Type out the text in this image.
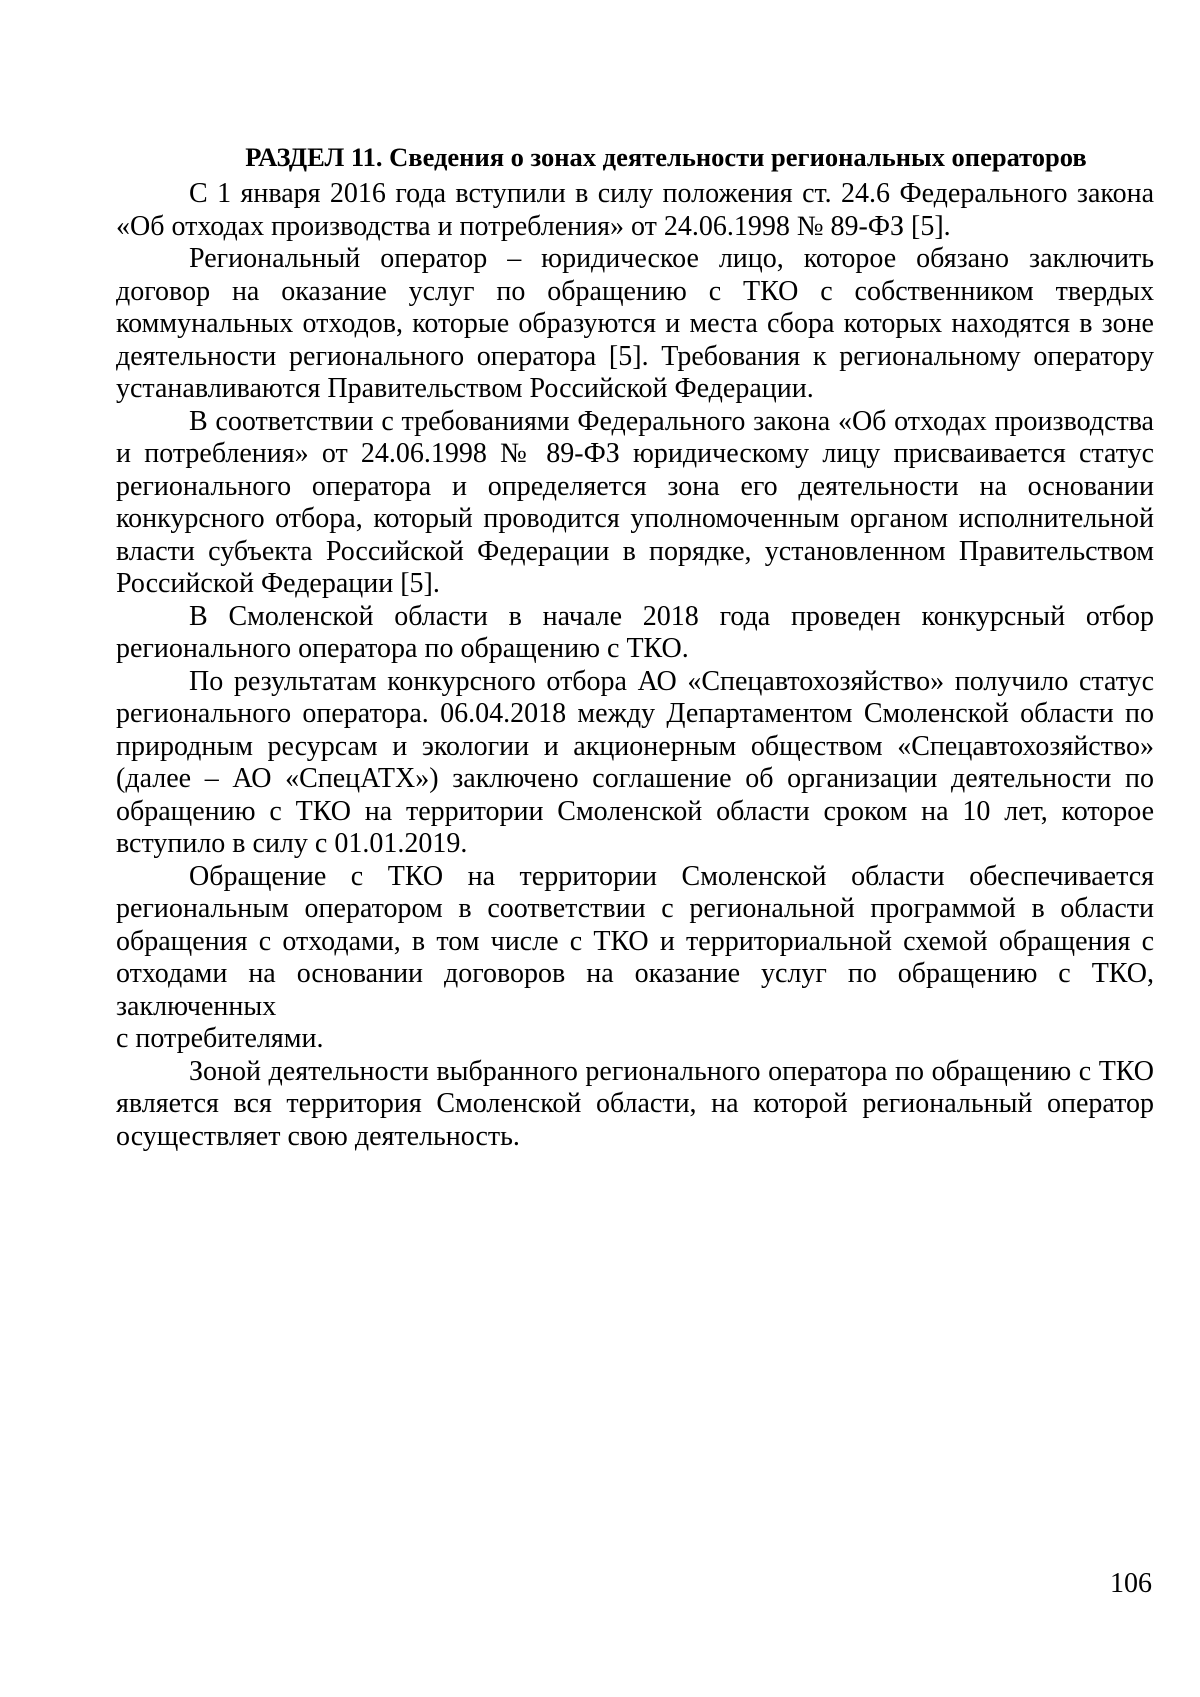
РАЗДЕЛ 11. Сведения о зонах деятельности региональных операторов

С 1 января 2016 года вступили в силу положения ст. 24.6 Федерального закона «Об отходах производства и потребления» от 24.06.1998 № 89-ФЗ [5].

Региональный оператор – юридическое лицо, которое обязано заключить договор на оказание услуг по обращению с ТКО с собственником твердых коммунальных отходов, которые образуются и места сбора которых находятся в зоне деятельности регионального оператора [5]. Требования к региональному оператору устанавливаются Правительством Российской Федерации.

В соответствии с требованиями Федерального закона «Об отходах производства и потребления» от 24.06.1998 № 89-ФЗ юридическому лицу присваивается статус регионального оператора и определяется зона его деятельности на основании конкурсного отбора, который проводится уполномоченным органом исполнительной власти субъекта Российской Федерации в порядке, установленном Правительством Российской Федерации [5].

В Смоленской области в начале 2018 года проведен конкурсный отбор регионального оператора по обращению с ТКО.

По результатам конкурсного отбора АО «Спецавтохозяйство» получило статус регионального оператора. 06.04.2018 между Департаментом Смоленской области по природным ресурсам и экологии и акционерным обществом «Спецавтохозяйство» (далее – АО «СпецАТХ») заключено соглашение об организации деятельности по обращению с ТКО на территории Смоленской области сроком на 10 лет, которое вступило в силу с 01.01.2019.

Обращение с ТКО на территории Смоленской области обеспечивается региональным оператором в соответствии с региональной программой в области обращения с отходами, в том числе с ТКО и территориальной схемой обращения с отходами на основании договоров на оказание услуг по обращению с ТКО, заключенных

с потребителями.

Зоной деятельности выбранного регионального оператора по обращению с ТКО является вся территория Смоленской области, на которой региональный оператор осуществляет свою деятельность.

106
